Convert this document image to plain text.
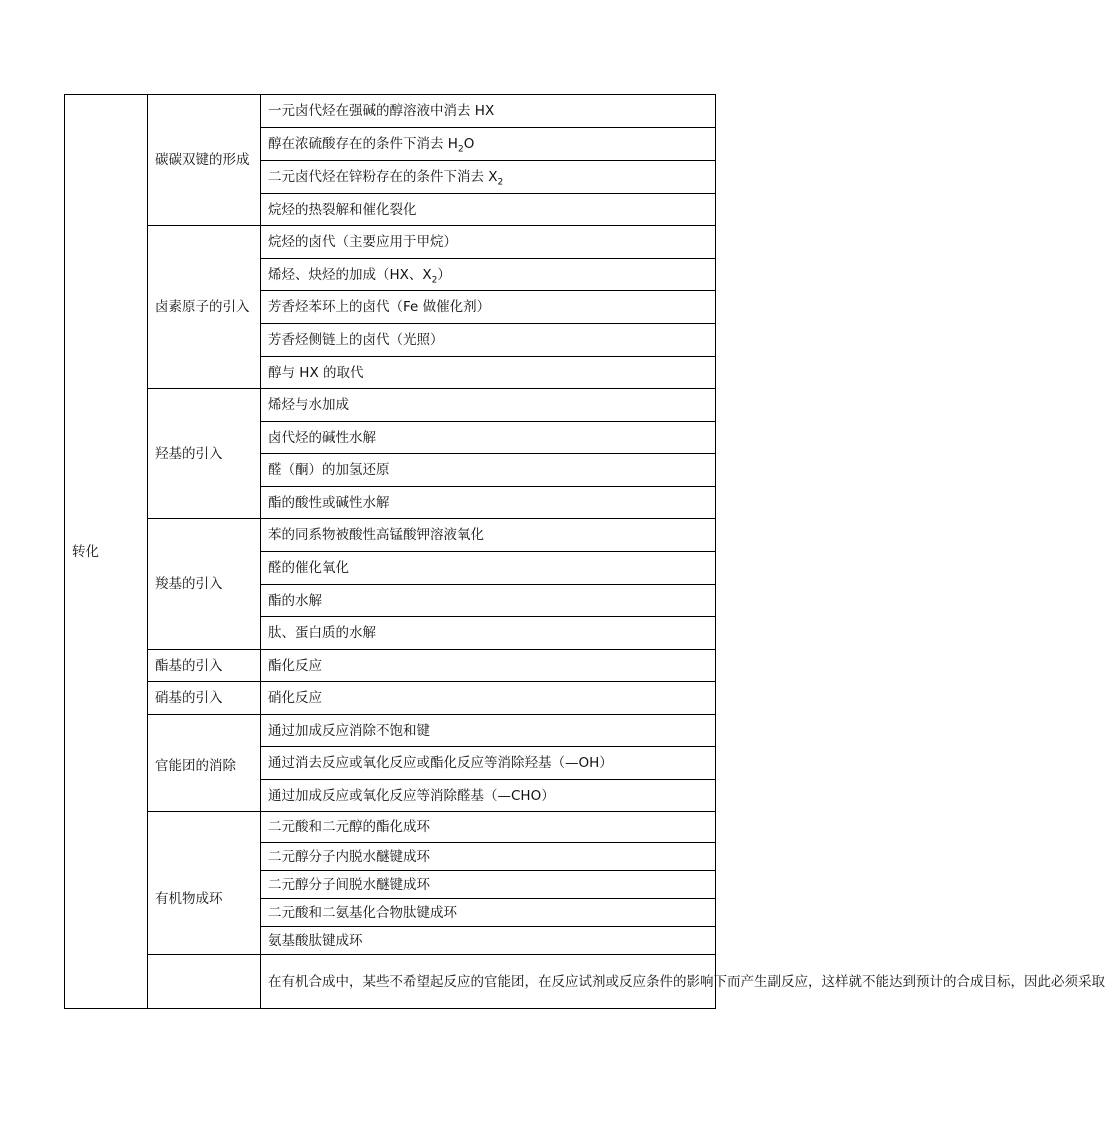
转化	碳碳双键的形成	一元卤代烃在强碱的醇溶液中消去 HX
		醇在浓硫酸存在的条件下消去 $H_2O$
		二元卤代烃在锌粉存在的条件下消去 $X_2$
		烷烃的热裂解和催化裂化
	卤素原子的引入	烷烃的卤代（主要应用于甲烷）
		烯烃、炔烃的加成（HX、$X_2$）
		芳香烃苯环上的卤代（Fe 做催化剂）
		芳香烃侧链上的卤代（光照）
		醇与 HX 的取代
	羟基的引入	烯烃与水加成
		卤代烃的碱性水解
		醛（酮）的加氢还原
		酯的酸性或碱性水解
	羧基的引入	苯的同系物被酸性高锰酸钾溶液氧化
		醛的催化氧化
		酯的水解
		肽、蛋白质的水解
	酯基的引入	酯化反应
	硝基的引入	硝化反应
	官能团的消除	通过加成反应消除不饱和键
		通过消去反应或氧化反应或酯化反应等消除羟基（—OH）
		通过加成反应或氧化反应等消除醛基（—CHO）
	有机物成环	二元酸和二元醇的酯化成环
		二元醇分子内脱水醚键成环
		二元醇分子间脱水醚键成环
		二元酸和二氨基化合物肽键成环
		氨基酸肽键成环
		在有机合成中，某些不希望起反应的官能团，在反应试剂或反应条件的影响下而产生副反应，这样就不能达到预计的合成目标，因此必须采取
